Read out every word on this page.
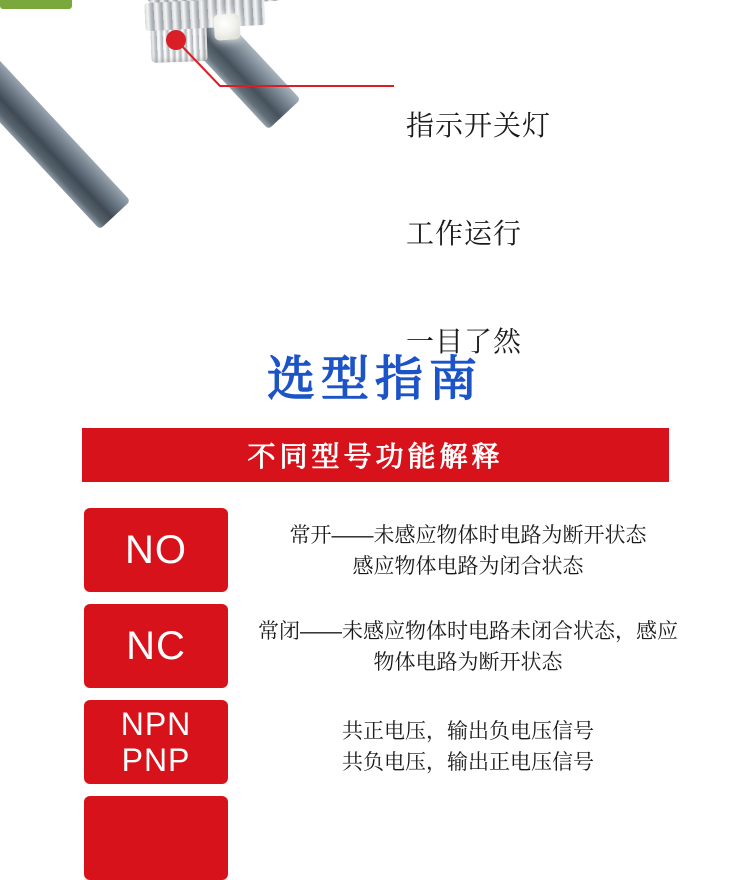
指示开关灯

工作运行

一目了然

选型指南
不同型号功能解释
NO	常开——未感应物体时电路为断开状态
感应物体电路为闭合状态
NC	常闭——未感应物体时电路未闭合状态，感应
物体电路为断开状态
NPN
PNP
共正电压，输出负电压信号
共负电压，输出正电压信号
